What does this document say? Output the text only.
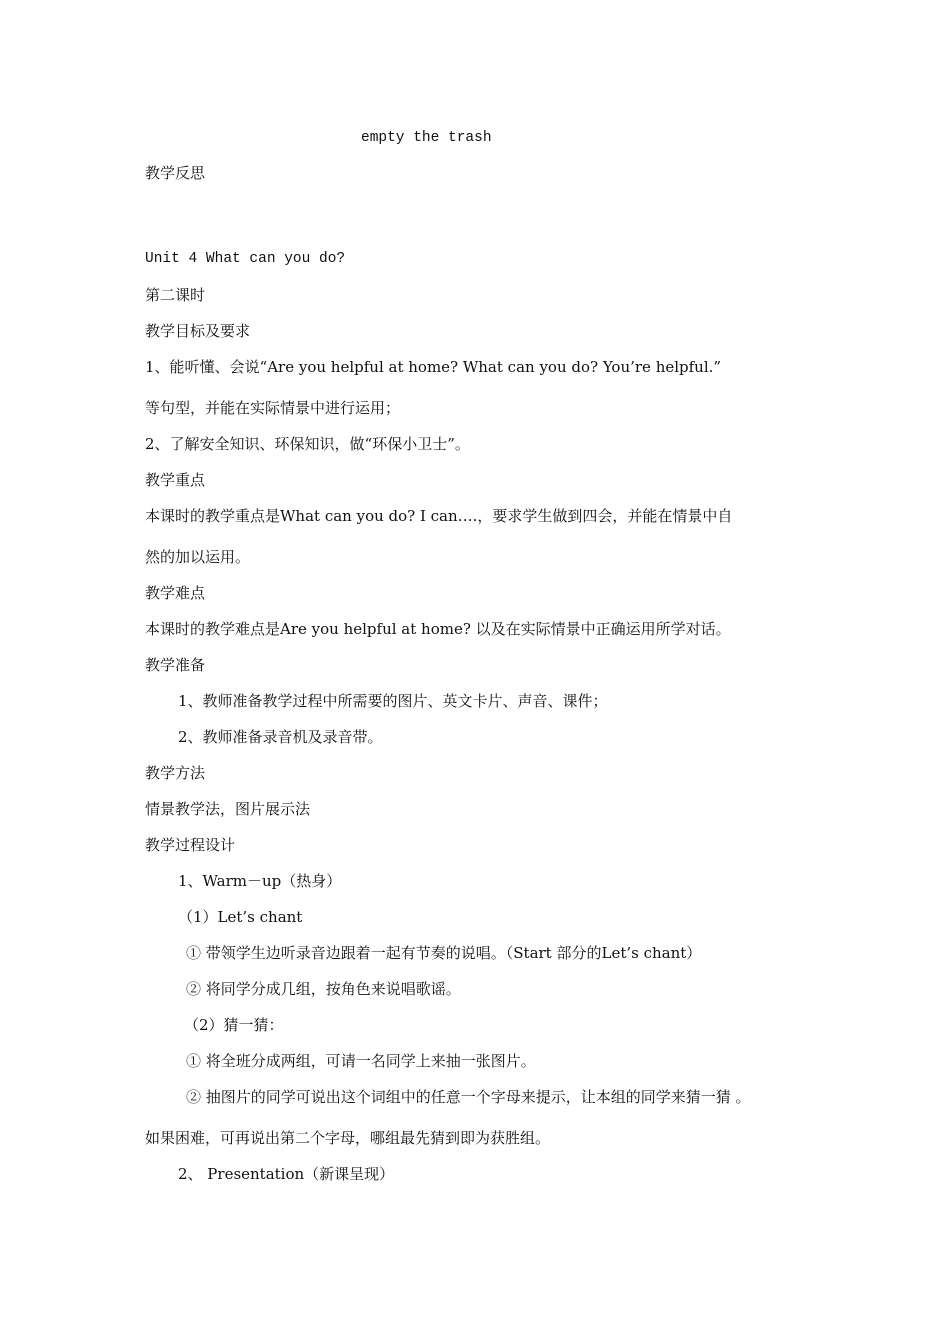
empty the trash
教学反思
Unit 4 What can you do?
第二课时
教学目标及要求
1、能听懂、会说“Are you helpful at home? What can you do? You’re helpful.”
等句型，并能在实际情景中进行运用；
2、了解安全知识、环保知识，做“环保小卫士”。
教学重点
本课时的教学重点是What can you do? I can….，要求学生做到四会，并能在情景中自
然的加以运用。
教学难点
本课时的教学难点是Are you helpful at home? 以及在实际情景中正确运用所学对话。
教学准备
1、教师准备教学过程中所需要的图片、英文卡片、声音、课件；
2、教师准备录音机及录音带。
教学方法
情景教学法，图片展示法
教学过程设计
1、Warm－up（热身）
（1）Let’s chant
① 带领学生边听录音边跟着一起有节奏的说唱。（Start 部分的Let’s chant）
② 将同学分成几组，按角色来说唱歌谣。
（2）猜一猜：
① 将全班分成两组，可请一名同学上来抽一张图片。
② 抽图片的同学可说出这个词组中的任意一个字母来提示，让本组的同学来猜一猜 。
如果困难，可再说出第二个字母，哪组最先猜到即为获胜组。
2、 Presentation（新课呈现）
